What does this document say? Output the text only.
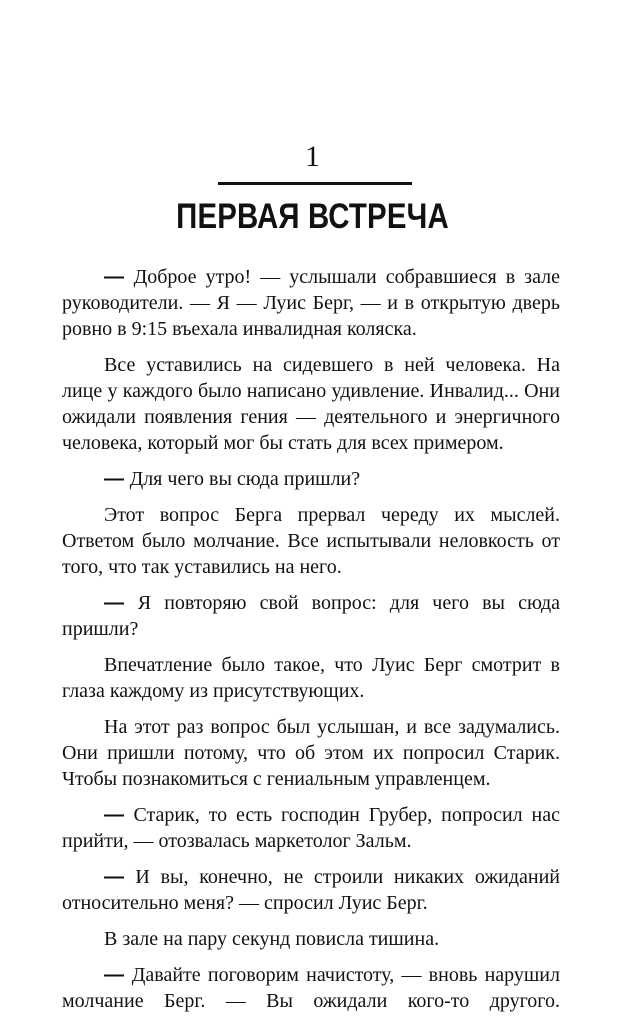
1
ПЕРВАЯ ВСТРЕЧА

— Доброе утро! — услышали собравшиеся в зале руководители. — Я — Луис Берг, — и в открытую дверь ровно в 9:15 въехала инвалидная коляска.

Все уставились на сидевшего в ней человека. На лице у каждого было написано удивление. Инвалид... Они ожидали появления гения — деятельного и энергичного человека, который мог бы стать для всех примером.

— Для чего вы сюда пришли?

Этот вопрос Берга прервал череду их мыслей. Ответом было молчание. Все испытывали неловкость от того, что так уставились на него.

— Я повторяю свой вопрос: для чего вы сюда пришли?

Впечатление было такое, что Луис Берг смотрит в глаза каждому из присутствующих.

На этот раз вопрос был услышан, и все задумались. Они пришли потому, что об этом их попросил Старик. Чтобы познакомиться с гениальным управленцем.

— Старик, то есть господин Грубер, попросил нас прийти, — отозвалась маркетолог Зальм.

— И вы, конечно, не строили никаких ожиданий относительно меня? — спросил Луис Берг.

В зале на пару секунд повисла тишина.

— Давайте поговорим начистоту, — вновь нарушил молчание Берг. — Вы ожидали кого-то другого.
